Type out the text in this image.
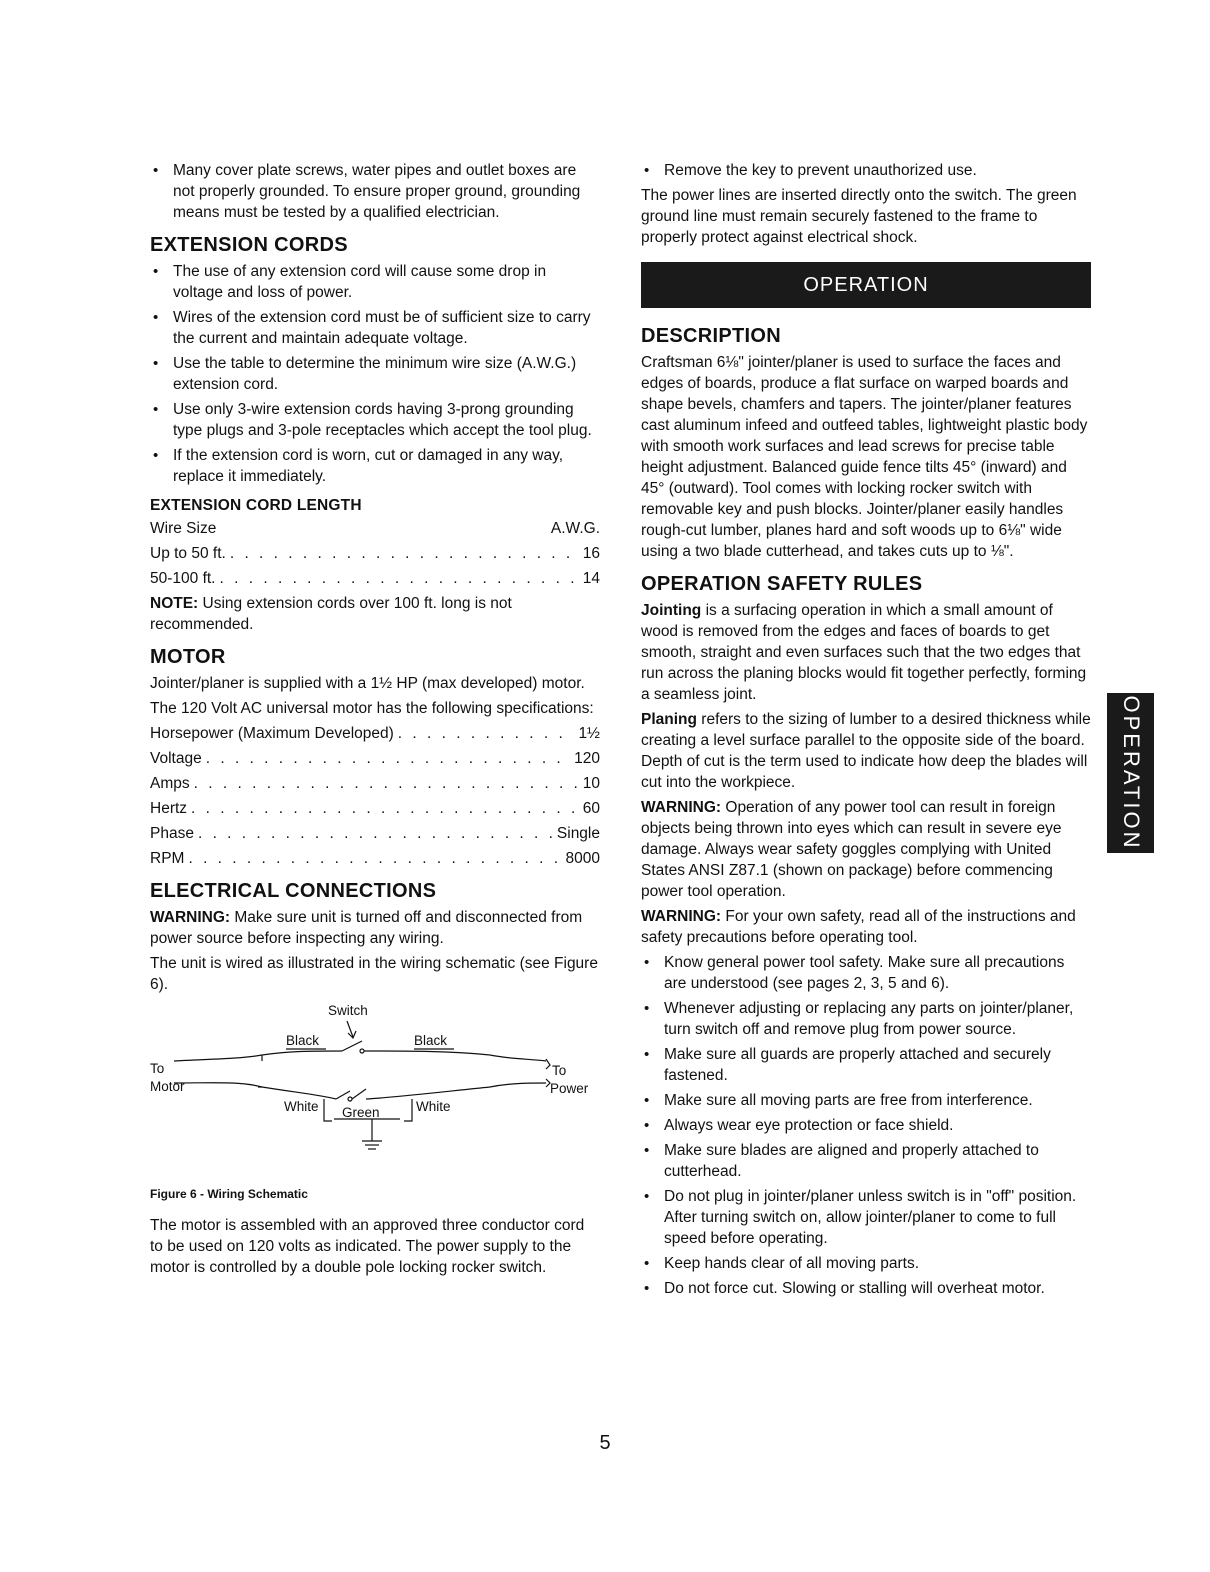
• Many cover plate screws, water pipes and outlet boxes are not properly grounded. To ensure proper ground, grounding means must be tested by a qualified electrician.
EXTENSION CORDS
• The use of any extension cord will cause some drop in voltage and loss of power.
• Wires of the extension cord must be of sufficient size to carry the current and maintain adequate voltage.
• Use the table to determine the minimum wire size (A.W.G.) extension cord.
• Use only 3-wire extension cords having 3-prong grounding type plugs and 3-pole receptacles which accept the tool plug.
• If the extension cord is worn, cut or damaged in any way, replace it immediately.
EXTENSION CORD LENGTH
Wire Size	A.W.G.
Up to 50 ft. . . .	16
50-100 ft. . . .	14

NOTE: Using extension cords over 100 ft. long is not recommended.

MOTOR

Jointer/planer is supplied with a 1½ HP (max developed) motor.

The 120 Volt AC universal motor has the following specifications:

Horsepower (Maximum Developed) . . .	1½
Voltage . . .	120
Amps . . .	10
Hertz . . .	60
Phase . . .	Single
RPM . . .	8000
ELECTRICAL CONNECTIONS

WARNING: Make sure unit is turned off and disconnected from power source before inspecting any wiring.

The unit is wired as illustrated in the wiring schematic (see Figure 6).

Switch
Black	Black
To
Motor
To
Power
White Green	White
Figure 6 - Wiring Schematic

The motor is assembled with an approved three conductor cord to be used on 120 volts as indicated. The power supply to the motor is controlled by a double pole locking rocker switch.

• Remove the key to prevent unauthorized use.

The power lines are inserted directly onto the switch. The green ground line must remain securely fastened to the frame to properly protect against electrical shock.

OPERATION
DESCRIPTION

Craftsman 6⅛" jointer/planer is used to surface the faces and edges of boards, produce a flat surface on warped boards and shape bevels, chamfers and tapers. The jointer/planer features cast aluminum infeed and outfeed tables, lightweight plastic body with smooth work surfaces and lead screws for precise table height adjustment. Balanced guide fence tilts 45° (inward) and 45° (outward). Tool comes with locking rocker switch with removable key and push blocks. Jointer/planer easily handles rough-cut lumber, planes hard and soft woods up to 6⅛" wide using a two blade cutterhead, and takes cuts up to ⅛".

OPERATION SAFETY RULES

Jointing is a surfacing operation in which a small amount of wood is removed from the edges and faces of boards to get smooth, straight and even surfaces such that the two edges that run across the planing blocks would fit together perfectly, forming a seamless joint.

Planing refers to the sizing of lumber to a desired thickness while creating a level surface parallel to the opposite side of the board. Depth of cut is the term used to indicate how deep the blades will cut into the workpiece.

WARNING: Operation of any power tool can result in foreign objects being thrown into eyes which can result in severe eye damage. Always wear safety goggles complying with United States ANSI Z87.1 (shown on package) before commencing power tool operation.

WARNING: For your own safety, read all of the instructions and safety precautions before operating tool.

• Know general power tool safety. Make sure all precautions are understood (see pages 2, 3, 5 and 6).
• Whenever adjusting or replacing any parts on jointer/planer, turn switch off and remove plug from power source.
• Make sure all guards are properly attached and securely fastened.
• Make sure all moving parts are free from interference.
• Always wear eye protection or face shield.
• Make sure blades are aligned and properly attached to cutterhead.
• Do not plug in jointer/planer unless switch is in "off" position. After turning switch on, allow jointer/planer to come to full speed before operating.
• Keep hands clear of all moving parts.
• Do not force cut. Slowing or stalling will overheat motor.
OPERATION
5
